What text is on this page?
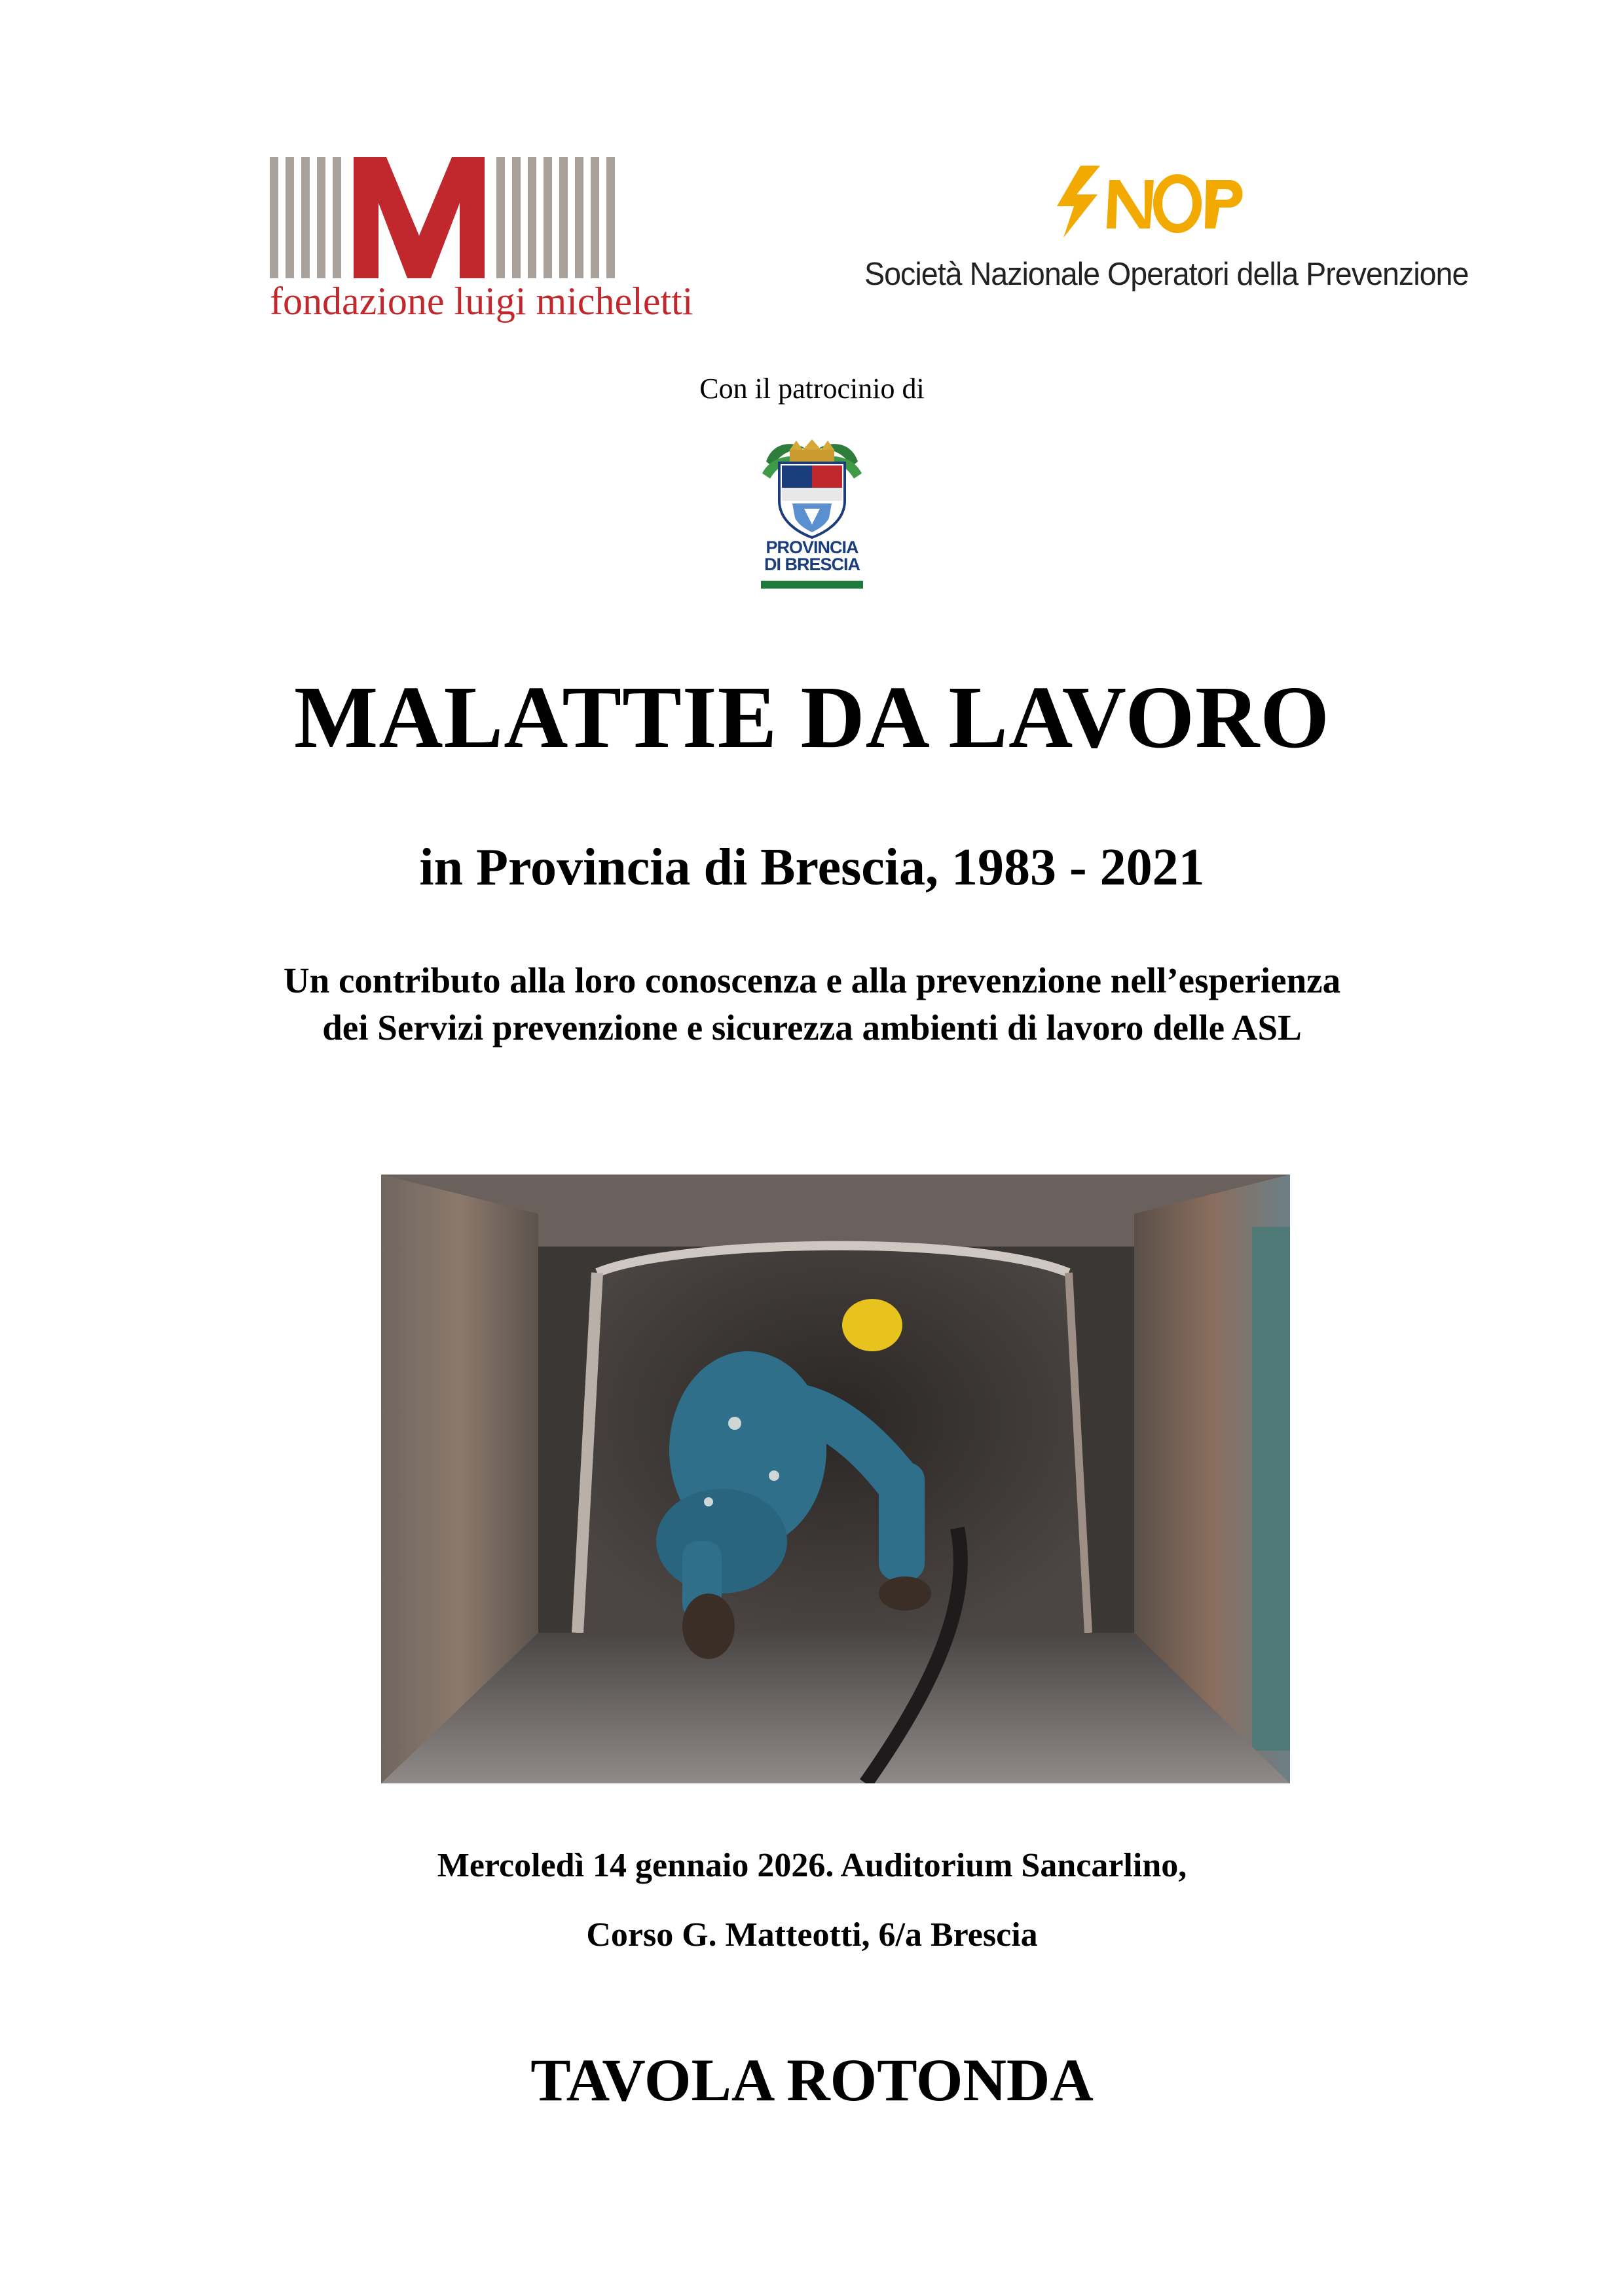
fondazione luigi micheletti
Società Nazionale Operatori della Prevenzione
Con il patrocinio di
PROVINCIA
DI BRESCIA
MALATTIE DA LAVORO
in Provincia di Brescia, 1983 - 2021
Un contributo alla loro conoscenza e alla prevenzione nell’esperienza
dei Servizi prevenzione e sicurezza ambienti di lavoro delle ASL
Mercoledì 14 gennaio 2026. Auditorium Sancarlino,
Corso G. Matteotti, 6/a Brescia
TAVOLA ROTONDA
